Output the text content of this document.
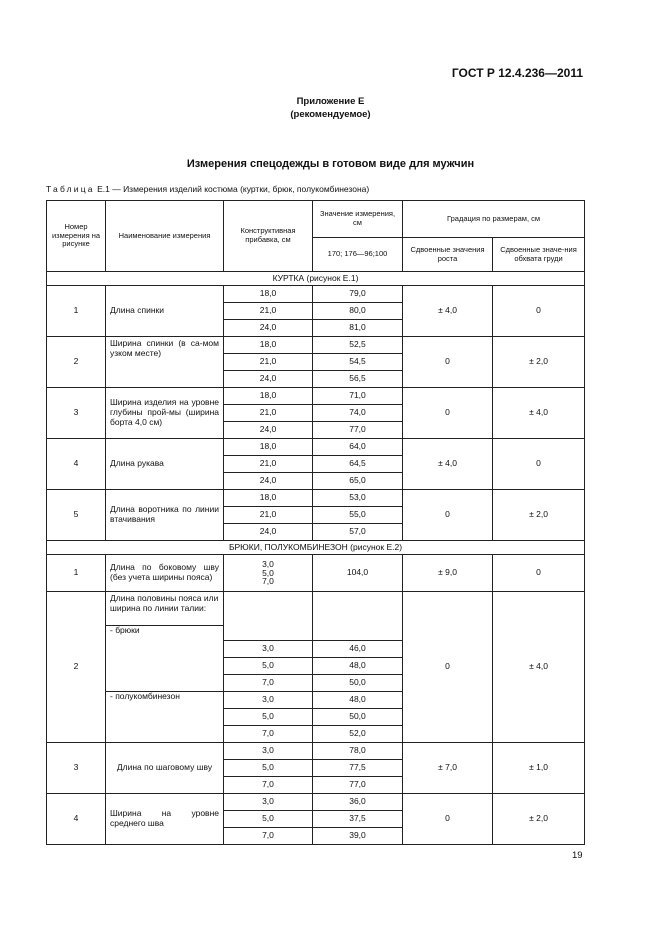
ГОСТ Р 12.4.236—2011
Приложение Е
(рекомендуемое)
Измерения спецодежды в готовом виде для мужчин
Таблица Е.1 — Измерения изделий костюма (куртки, брюк, полукомбинезона)
Номер измерения на рисунке	Наименование измерения	Конструктивная прибавка, см	Значение измерения, см	Градация по размерам, см	
			170; 176—96;100	Сдвоенные значения роста	Сдвоенные значе-ния обхвата груди
КУРТКА (рисунок Е.1)					
1	Длина спинки	18,0	79,0	± 4,0	0
		21,0	80,0		
		24,0	81,0		
2	Ширина спинки (в са-мом узком месте)	18,0	52,5	0	± 2,0
		21,0	54,5		
		24,0	56,5		
3	Ширина изделия на уровне глубины прой-мы (ширина борта 4,0 см)	18,0	71,0	0	± 4,0
		21,0	74,0		
		24,0	77,0		
4	Длина рукава	18,0	64,0	± 4,0	0
		21,0	64,5		
		24,0	65,0		
5	Длина воротника по линии втачивания	18,0	53,0	0	± 2,0
		21,0	55,0		
		24,0	57,0		
БРЮКИ, ПОЛУКОМБИНЕЗОН (рисунок Е.2)					
1	Длина по боковому шву (без учета ширины пояса)	3,0
5,0
7,0	104,0	± 9,0	0
2	Длина половины пояса или ширина по линии талии:			0	± 4,0
	- брюки				
		3,0	46,0		
		5,0	48,0		
		7,0	50,0		
	- полукомбинезон	3,0	48,0		
		5,0	50,0		
		7,0	52,0		
3	Длина по шаговому шву	3,0	78,0	± 7,0	± 1,0
		5,0	77,5		
		7,0	77,0		
4	Ширина на уровне среднего шва	3,0	36,0	0	± 2,0
		5,0	37,5		
		7,0	39,0		
19
